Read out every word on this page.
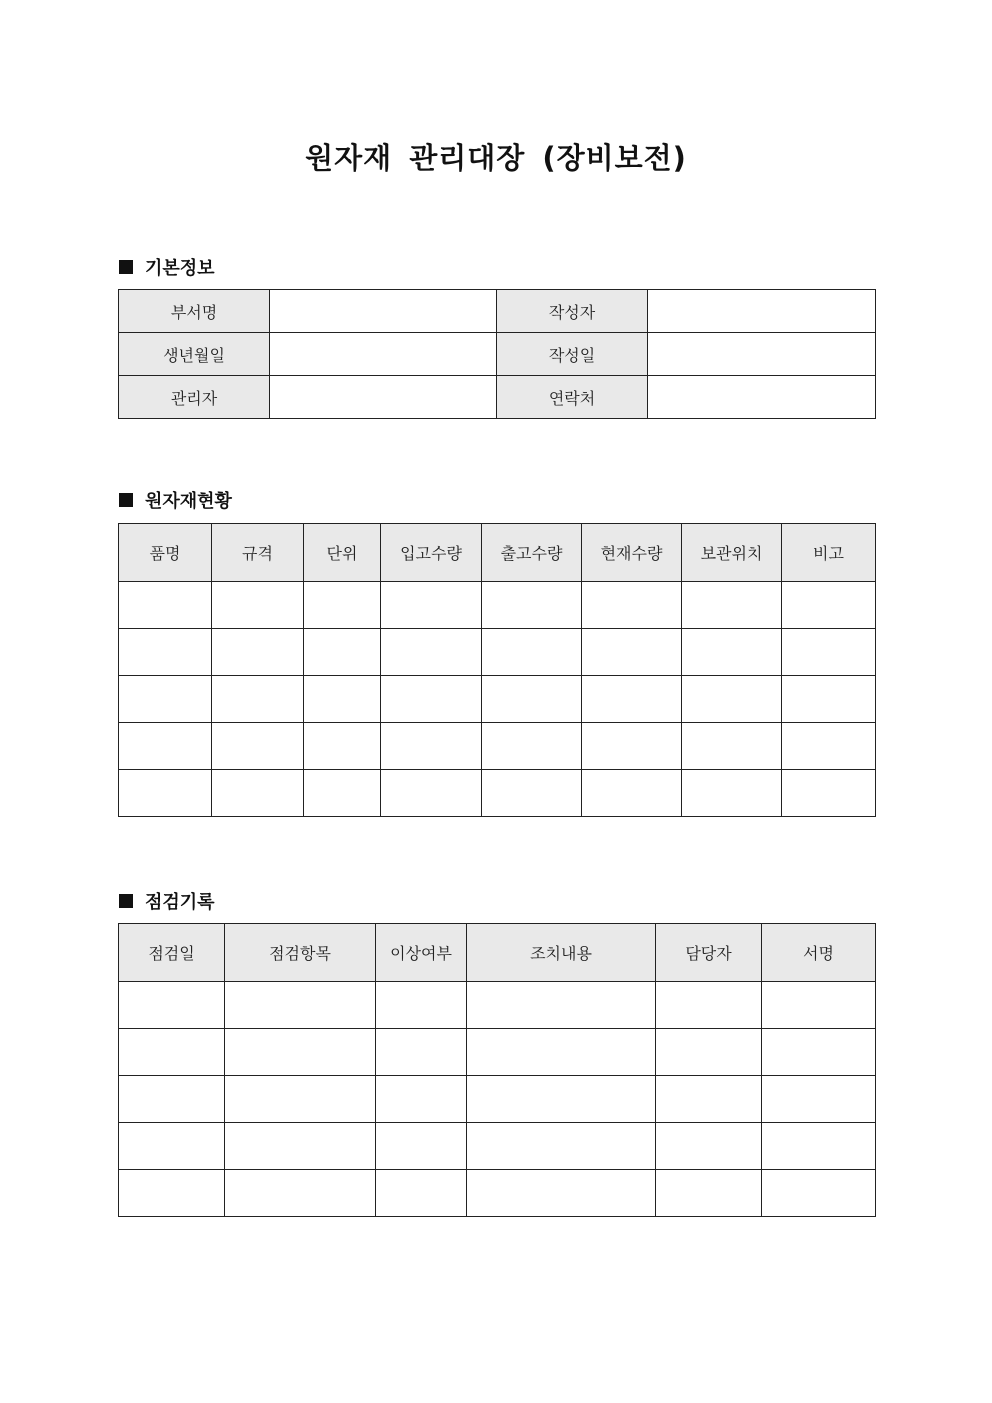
원자재 관리대장 (장비보전)
기본정보
부서명		작성자	
생년월일		작성일	
관리자		연락처	
원자재현황
품명	규격	단위	입고수량	출고수량	현재수량	보관위치	비고

점검기록
점검일	점검항목	이상여부	조치내용	담당자	서명
